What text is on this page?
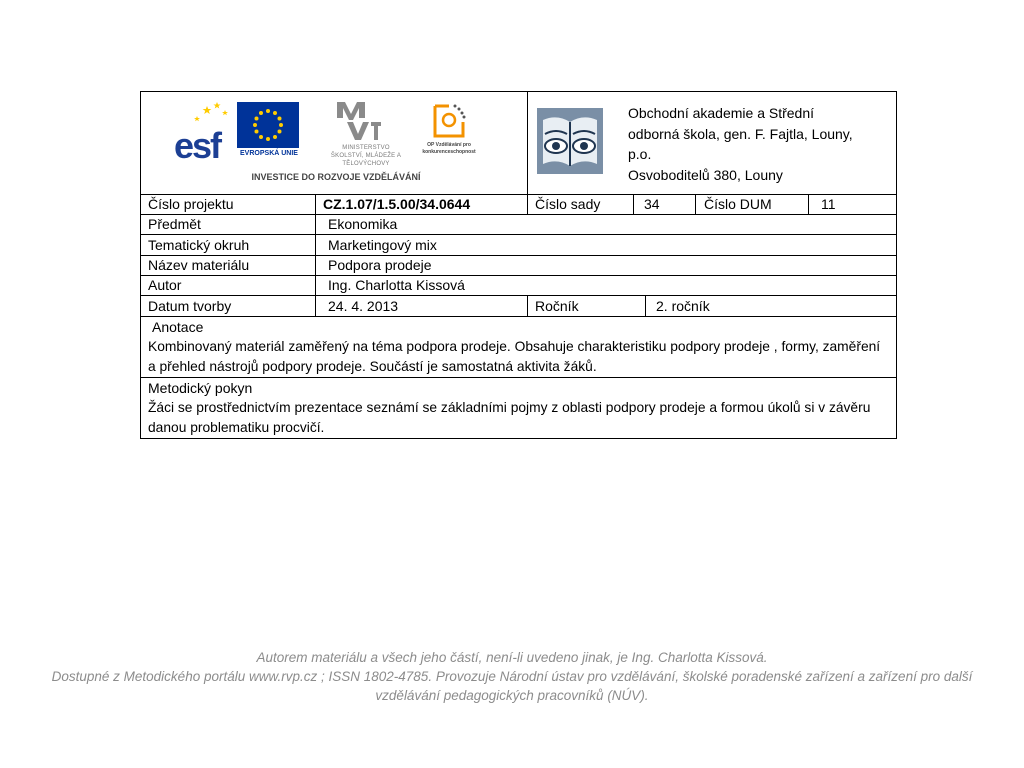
esf	EVROPSKÁ UNIE
MINISTERSTVO ŠKOLSTVÍ, MLÁDEŽE A TĚLOVÝCHOVY
OP Vzdělávání pro konkurenceschopnost
INVESTICE DO ROZVOJE VZDĚLÁVÁNÍ
Obchodní akademie a Střední
odborná škola, gen. F. Fajtla, Louny,
p.o.
Osvoboditelů 380, Louny
Číslo projektu	CZ.1.07/1.5.00/34.0644	Číslo sady	34	Číslo DUM	11
Předmět	Ekonomika
Tematický okruh	Marketingový mix
Název materiálu	Podpora prodeje
Autor	Ing. Charlotta Kissová
Datum tvorby	24. 4. 2013	Ročník	2. ročník
Anotace
Kombinovaný materiál zaměřený na téma podpora prodeje. Obsahuje charakteristiku podpory prodeje , formy, zaměření a přehled nástrojů podpory prodeje. Součástí je samostatná aktivita žáků.
Metodický pokyn
Žáci se prostřednictvím prezentace seznámí se základními pojmy z oblasti podpory prodeje a formou úkolů si v závěru danou problematiku procvičí.
Autorem materiálu a všech jeho částí, není-li uvedeno jinak, je Ing. Charlotta Kissová.
Dostupné z Metodického portálu www.rvp.cz ; ISSN 1802-4785. Provozuje Národní ústav pro vzdělávání, školské poradenské zařízení a zařízení pro další vzdělávání pedagogických pracovníků (NÚV).
